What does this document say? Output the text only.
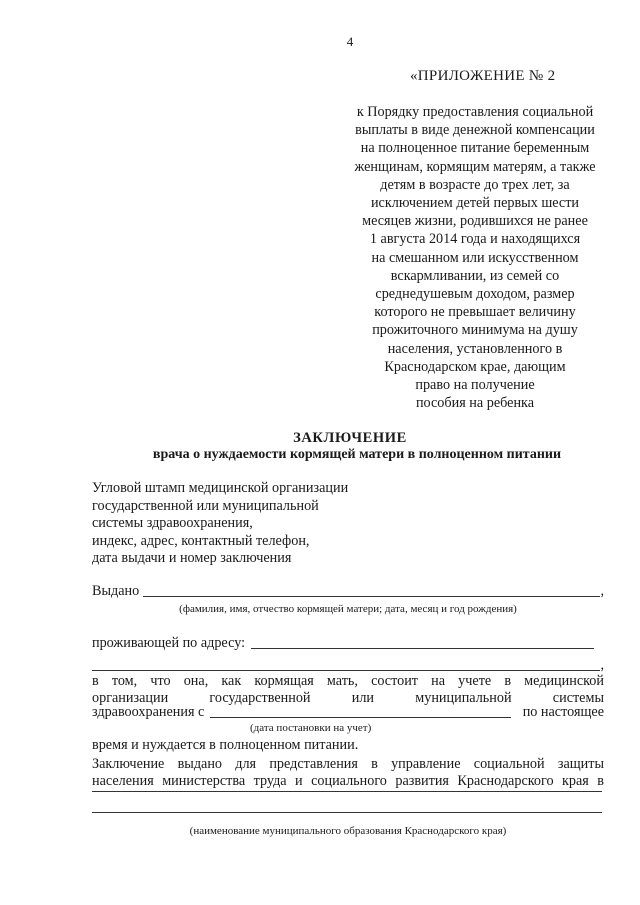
4
«ПРИЛОЖЕНИЕ № 2
к Порядку предоставления социальной
выплаты в виде денежной компенсации
на полноценное питание беременным
женщинам, кормящим матерям, а также
детям в возрасте до трех лет, за
исключением детей первых шести
месяцев жизни, родившихся не ранее
1 августа 2014 года и находящихся
на смешанном или искусственном
вскармливании, из семей со
среднедушевым доходом, размер
которого не превышает величину
прожиточного минимума на душу
населения, установленного в
Краснодарском крае, дающим
право на получение
пособия на ребенка
ЗАКЛЮЧЕНИЕ
врача о нуждаемости кормящей матери в полноценном питании
Угловой штамп медицинской организации
государственной или муниципальной
системы здравоохранения,
индекс, адрес, контактный телефон,
дата выдачи и номер заключения
Выдано	,
(фамилия, имя, отчество кормящей матери; дата, месяц и год рождения)
проживающей по адресу:
,
в том, что она, как кормящая мать, состоит на учете в медицинской
организации государственной или муниципальной системы
здравоохранения с	по настоящее
(дата постановки на учет)
время и нуждается в полноценном питании.
Заключение выдано для представления в управление социальной защиты
населения министерства труда и социального развития Краснодарского края в
(наименование муниципального образования Краснодарского края)
